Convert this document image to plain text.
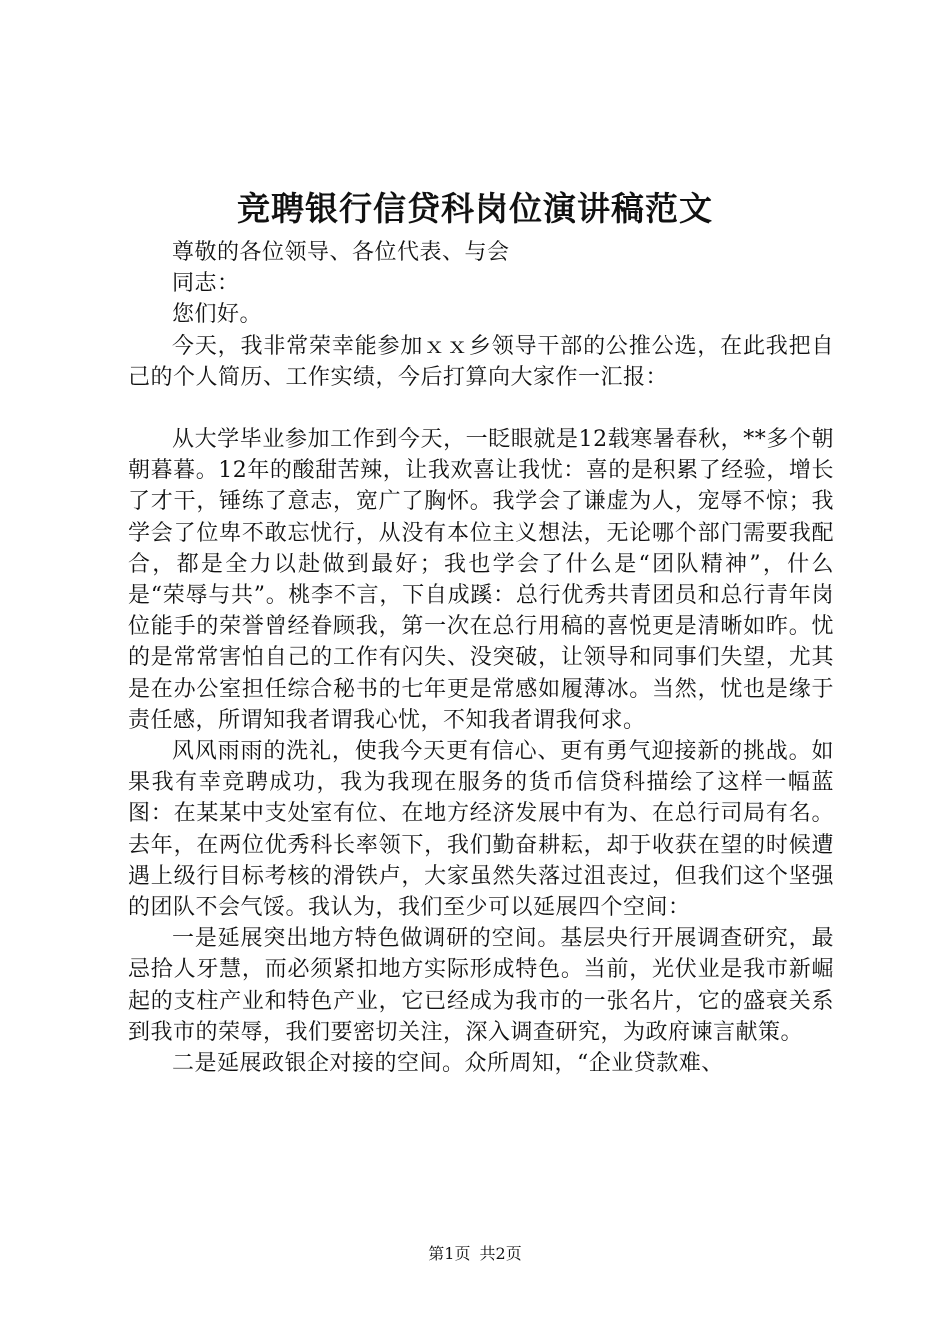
竞聘银行信贷科岗位演讲稿范文

尊敬的各位领导、各位代表、与会

同志：

您们好。

今天，我非常荣幸能参加ｘｘ乡领导干部的公推公选，在此我把自己的个人简历、工作实绩，今后打算向大家作一汇报：

从大学毕业参加工作到今天，一眨眼就是12载寒暑春秋，**多个朝朝暮暮。12年的酸甜苦辣，让我欢喜让我忧：喜的是积累了经验，增长了才干，锤练了意志，宽广了胸怀。我学会了谦虚为人，宠辱不惊；我学会了位卑不敢忘忧行，从没有本位主义想法，无论哪个部门需要我配合，都是全力以赴做到最好；我也学会了什么是“团队精神”，什么是“荣辱与共”。桃李不言，下自成蹊：总行优秀共青团员和总行青年岗位能手的荣誉曾经眷顾我，第一次在总行用稿的喜悦更是清晰如昨。忧的是常常害怕自己的工作有闪失、没突破，让领导和同事们失望，尤其是在办公室担任综合秘书的七年更是常感如履薄冰。当然，忧也是缘于责任感，所谓知我者谓我心忧，不知我者谓我何求。

风风雨雨的洗礼，使我今天更有信心、更有勇气迎接新的挑战。如果我有幸竞聘成功，我为我现在服务的货币信贷科描绘了这样一幅蓝图：在某某中支处室有位、在地方经济发展中有为、在总行司局有名。去年，在两位优秀科长率领下，我们勤奋耕耘，却于收获在望的时候遭遇上级行目标考核的滑铁卢，大家虽然失落过沮丧过，但我们这个坚强的团队不会气馁。我认为，我们至少可以延展四个空间：

一是延展突出地方特色做调研的空间。基层央行开展调查研究，最忌拾人牙慧，而必须紧扣地方实际形成特色。当前，光伏业是我市新崛起的支柱产业和特色产业，它已经成为我市的一张名片，它的盛衰关系到我市的荣辱，我们要密切关注，深入调查研究，为政府谏言献策。

二是延展政银企对接的空间。众所周知，“企业贷款难、

第1页 共2页
